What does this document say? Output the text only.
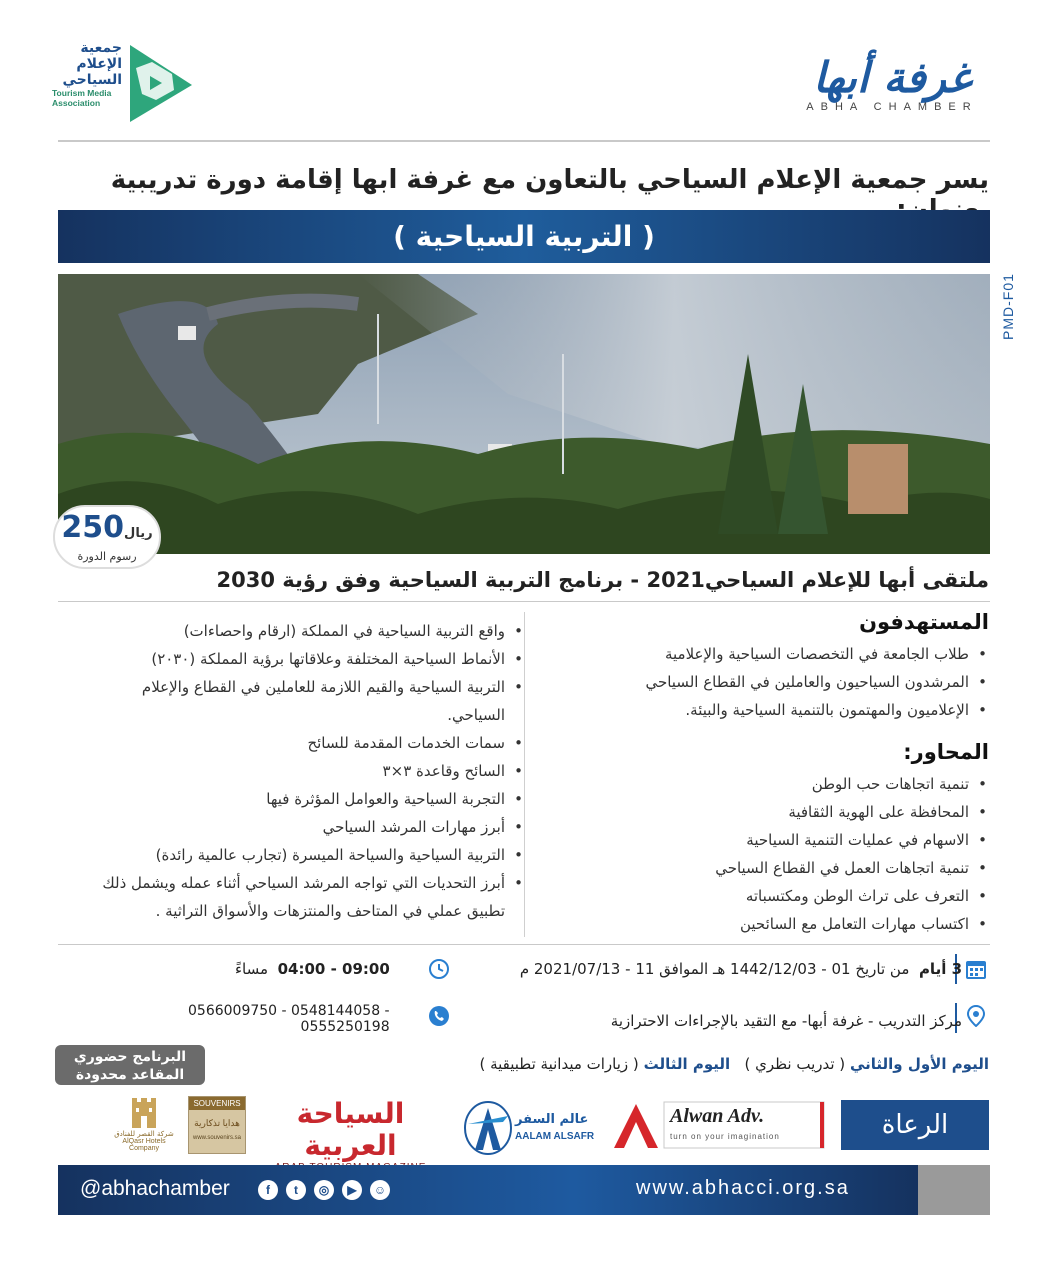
جمعية
الإعلام
السياحي
Tourism Media Association
غرفة أبها
ABHA CHAMBER
يسر جمعية الإعلام السياحي بالتعاون مع غرفة ابها إقامة دورة تدريبية
( التربية السياحية )
PMD-F01
250ريال
رسوم الدورة
ملتقى أبها للإعلام السياحي2021 - برنامج التربية السياحية وفق رؤية 2030
المستهدفون
• طلاب الجامعة في التخصصات السياحية والإعلامية
• المرشدون السياحيون والعاملين في القطاع السياحي
• الإعلاميون والمهتمون بالتنمية السياحية والبيئة.
المحاور:
• تنمية اتجاهات حب الوطن
• المحافظة على الهوية الثقافية
• الاسهام في عمليات التنمية السياحية
• تنمية اتجاهات العمل في القطاع السياحي
• التعرف على تراث الوطن ومكتسباته
• اكتساب مهارات التعامل مع السائحين
• واقع التربية السياحية في المملكة (ارقام واحصاءات)
• الأنماط السياحية المختلفة وعلاقاتها برؤية المملكة (٢٠٣٠)
• التربية السياحية والقيم اللازمة للعاملين في القطاع والإعلام السياحي.
• سمات الخدمات المقدمة للسائح
• السائح وقاعدة ٣×٣
• التجربة السياحية والعوامل المؤثرة فيها
• أبرز مهارات المرشد السياحي
• التربية السياحية والسياحة الميسرة (تجارب عالمية رائدة)
• أبرز التحديات التي تواجه المرشد السياحي أثناء عمله ويشمل ذلك تطبيق عملي في المتاحف والمنتزهات والأسواق التراثية .
3 أيام  من تاريخ 01 - 1442/12/03 هـ الموافق 11 - 2021/07/13 م
04:00 - 09:00  مساءً
مركز التدريب - غرفة أبها- مع التقيد بالإجراءات الاحترازية
0566009750 - 0548144058 -
0555250198
اليوم الأول والثاني ( تدريب نظري )   اليوم الثالث ( زيارات ميدانية تطبيقية )
البرنامج حضوري
المقاعد محدودة
الرعاة
Alwan Adv.
turn on your imagination
عالم السفر
AALAM ALSAFR
السياحة العربية
SOUVENIRS
هدايا تذكارية
www.souvenirs.sa
شركة القصر للفنادق
AlQasr Hotels Company
@abhachamber	f	t	◎	▶	☺	www.abhacci.org.sa
